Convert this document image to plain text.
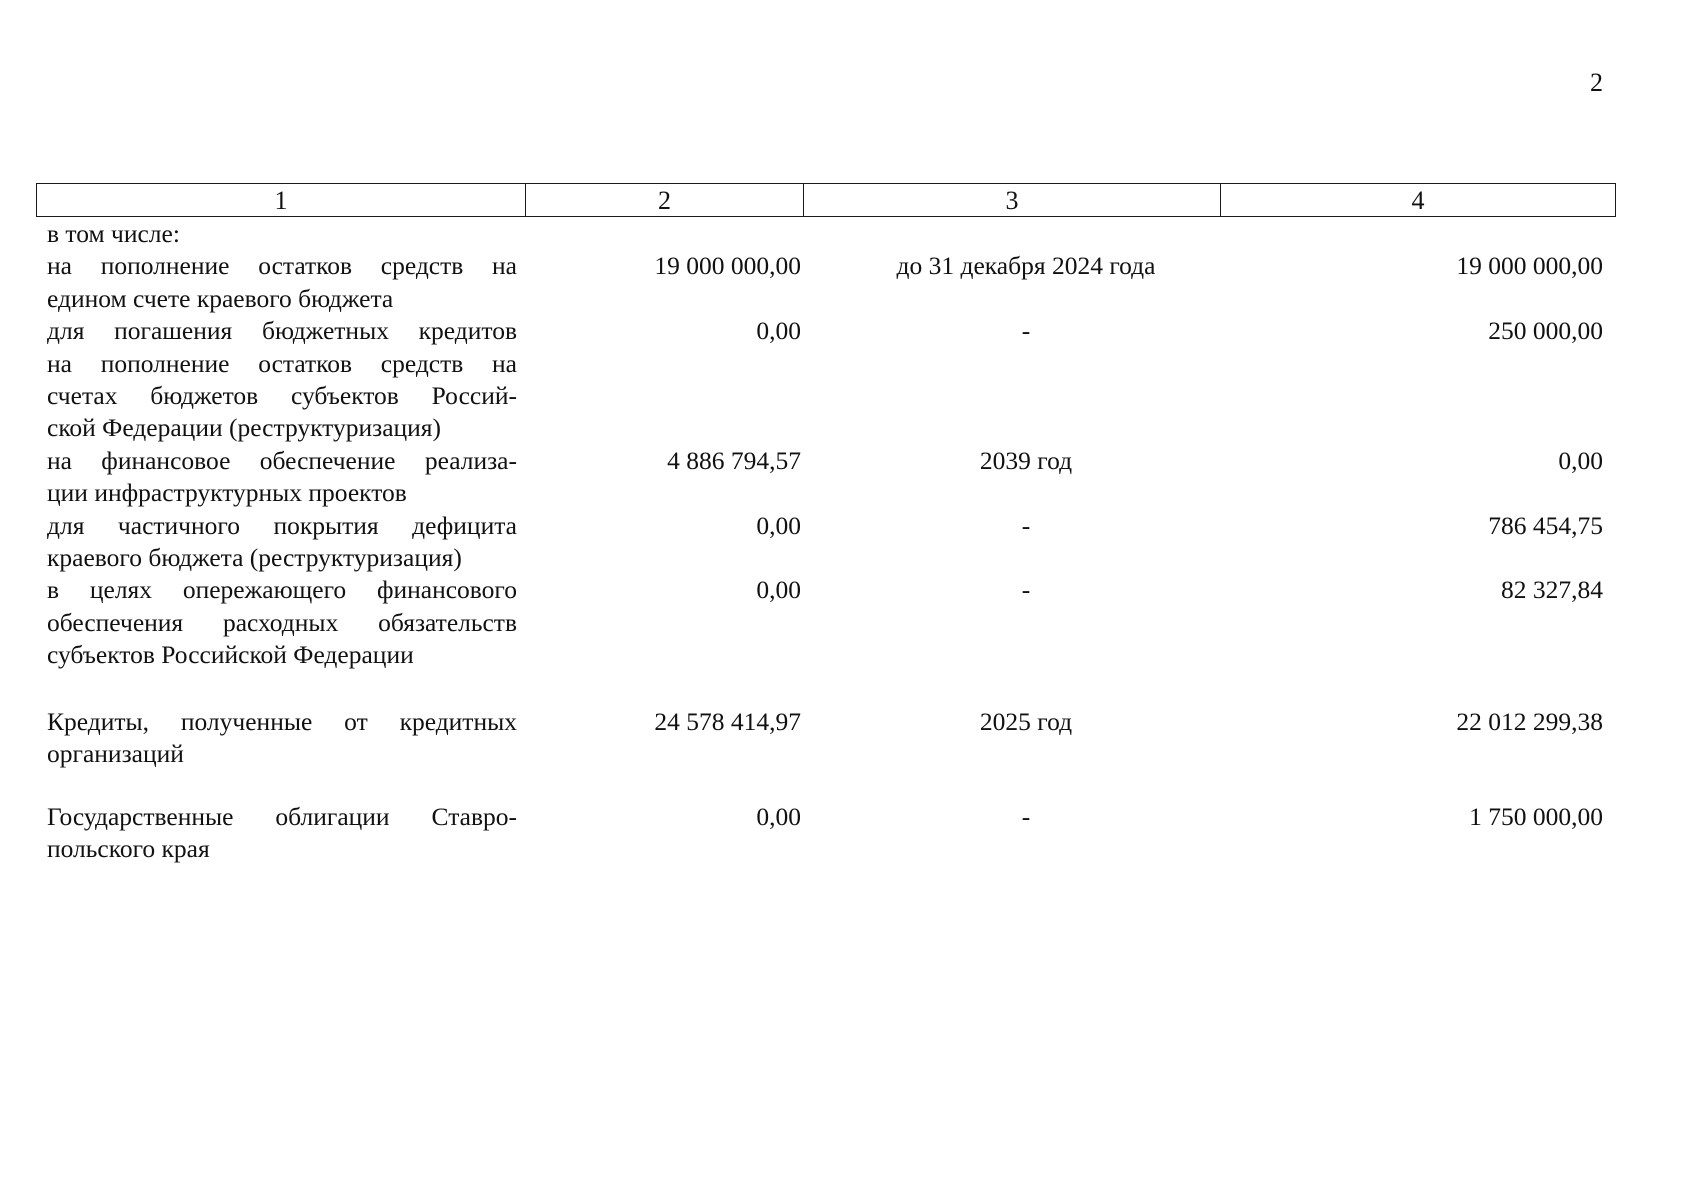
2
1	2	3	4
в том числе:
на пополнение остатков средств на
едином счете краевого бюджета
19 000 000,00	до 31 декабря 2024 года	19 000 000,00
для погашения бюджетных кредитов
на пополнение остатков средств на
счетах бюджетов субъектов Россий-
ской Федерации (реструктуризация)
0,00	-	250 000,00
на финансовое обеспечение реализа-
ции инфраструктурных проектов
4 886 794,57	2039 год	0,00
для частичного покрытия дефицита
краевого бюджета (реструктуризация)
0,00	-	786 454,75
в целях опережающего финансового
обеспечения расходных обязательств
субъектов Российской Федерации
0,00	-	82 327,84
Кредиты, полученные от кредитных
организаций
24 578 414,97	2025 год	22 012 299,38
Государственные облигации Ставро-
польского края
0,00	-	1 750 000,00
